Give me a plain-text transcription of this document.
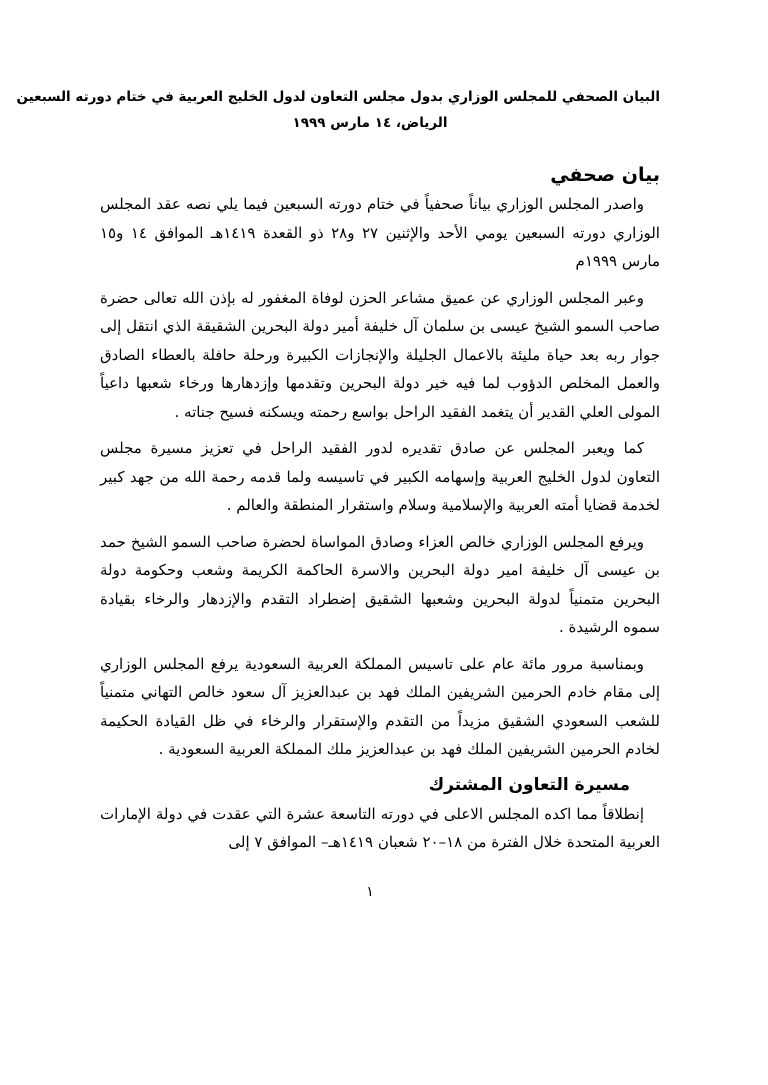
البيان الصحفي للمجلس الوزاري بدول مجلس التعاون لدول الخليج العربية في ختام دورته السبعين
الرياض، ١٤ مارس ١٩٩٩
بيان صحفي

واصدر المجلس الوزاري بياناً صحفياً في ختام دورته السبعين فيما يلي نصه عقد المجلس الوزاري دورته السبعين يومي الأحد والإثنين ٢٧ و٢٨ ذو القعدة ١٤١٩هـ الموافق ١٤ و١٥ مارس ١٩٩٩م

وعبر المجلس الوزاري عن عميق مشاعر الحزن لوفاة المغفور له بإذن الله تعالى حضرة صاحب السمو الشيخ عيسى بن سلمان آل خليفة أمير دولة البحرين الشقيقة الذي انتقل إلى جوار ربه بعد حياة مليئة بالاعمال الجليلة والإنجازات الكبيرة ورحلة حافلة بالعطاء الصادق والعمل المخلص الدؤوب لما فيه خير دولة البحرين وتقدمها وإزدهارها ورخاء شعبها داعياً المولى العلي القدير أن يتغمد الفقيد الراحل بواسع رحمته ويسكنه فسيح جناته .

كما ويعبر المجلس عن صادق تقديره لدور الفقيد الراحل في تعزيز مسيرة مجلس التعاون لدول الخليج العربية وإسهامه الكبير في تاسيسه ولما قدمه رحمة الله من جهد كبير لخدمة قضايا أمته العربية والإسلامية وسلام واستقرار المنطقة والعالم .

ويرفع المجلس الوزاري خالص العزاء وصادق المواساة لحضرة صاحب السمو الشيخ حمد بن عيسى آل خليفة امير دولة البحرين والاسرة الحاكمة الكريمة وشعب وحكومة دولة البحرين متمنياً لدولة البحرين وشعبها الشقيق إضطراد التقدم والإزدهار والرخاء بقيادة سموه الرشيدة .

وبمناسبة مرور مائة عام على تاسيس المملكة العربية السعودية يرفع المجلس الوزاري إلى مقام خادم الحرمين الشريفين الملك فهد بن عبدالعزيز آل سعود خالص التهاني متمنياً للشعب السعودي الشقيق مزيداً من التقدم والإستقرار والرخاء في ظل القيادة الحكيمة لخادم الحرمين الشريفين الملك فهد بن عبدالعزيز ملك المملكة العربية السعودية .

مسيرة التعاون المشترك

إنطلاقاً مما اكده المجلس الاعلى في دورته التاسعة عشرة التي عقدت في دولة الإمارات العربية المتحدة خلال الفترة من ١٨–٢٠ شعبان ١٤١٩هـ– الموافق ٧ إلى

١
